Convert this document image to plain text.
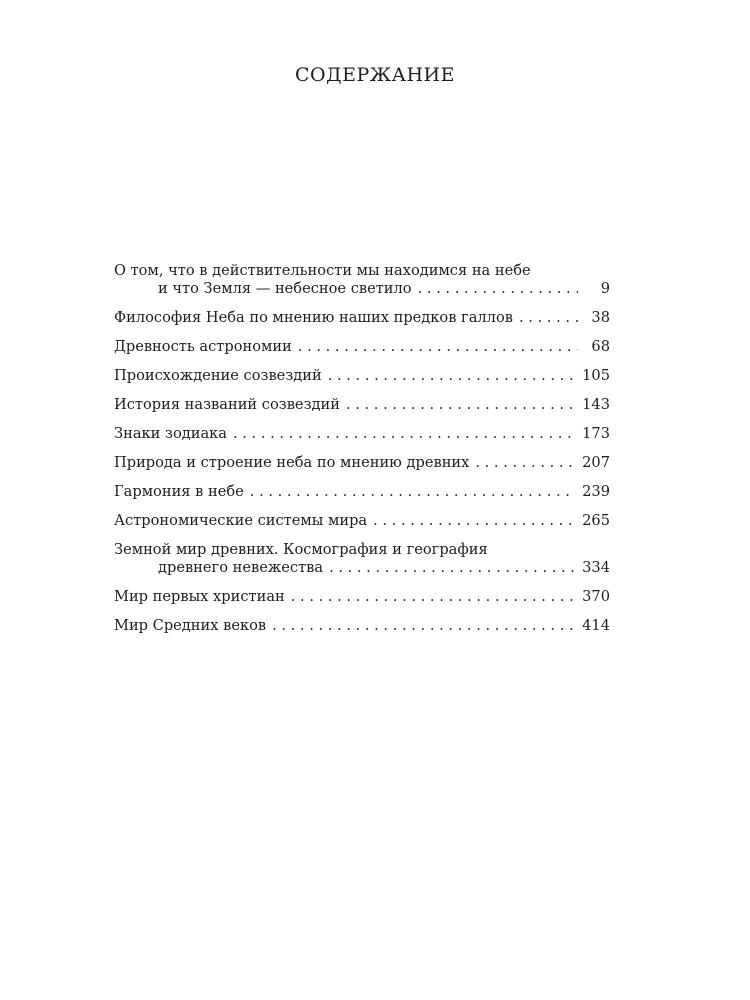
СОДЕРЖАНИЕ
О том, что в действительности мы находимся на небе
и что Земля — небесное светило . . .	9
Философия Неба по мнению наших предков галлов . . .	38
Древность астрономии . . .	68
Происхождение созвездий . . .	105
История названий созвездий . . .	143
Знаки зодиака . . .	173
Природа и строение неба по мнению древних . . .	207
Гармония в небе . . .	239
Астрономические системы мира . . .	265
Земной мир древних. Космография и география
древнего невежества . . .	334
Мир первых христиан . . .	370
Мир Средних веков . . .	414
